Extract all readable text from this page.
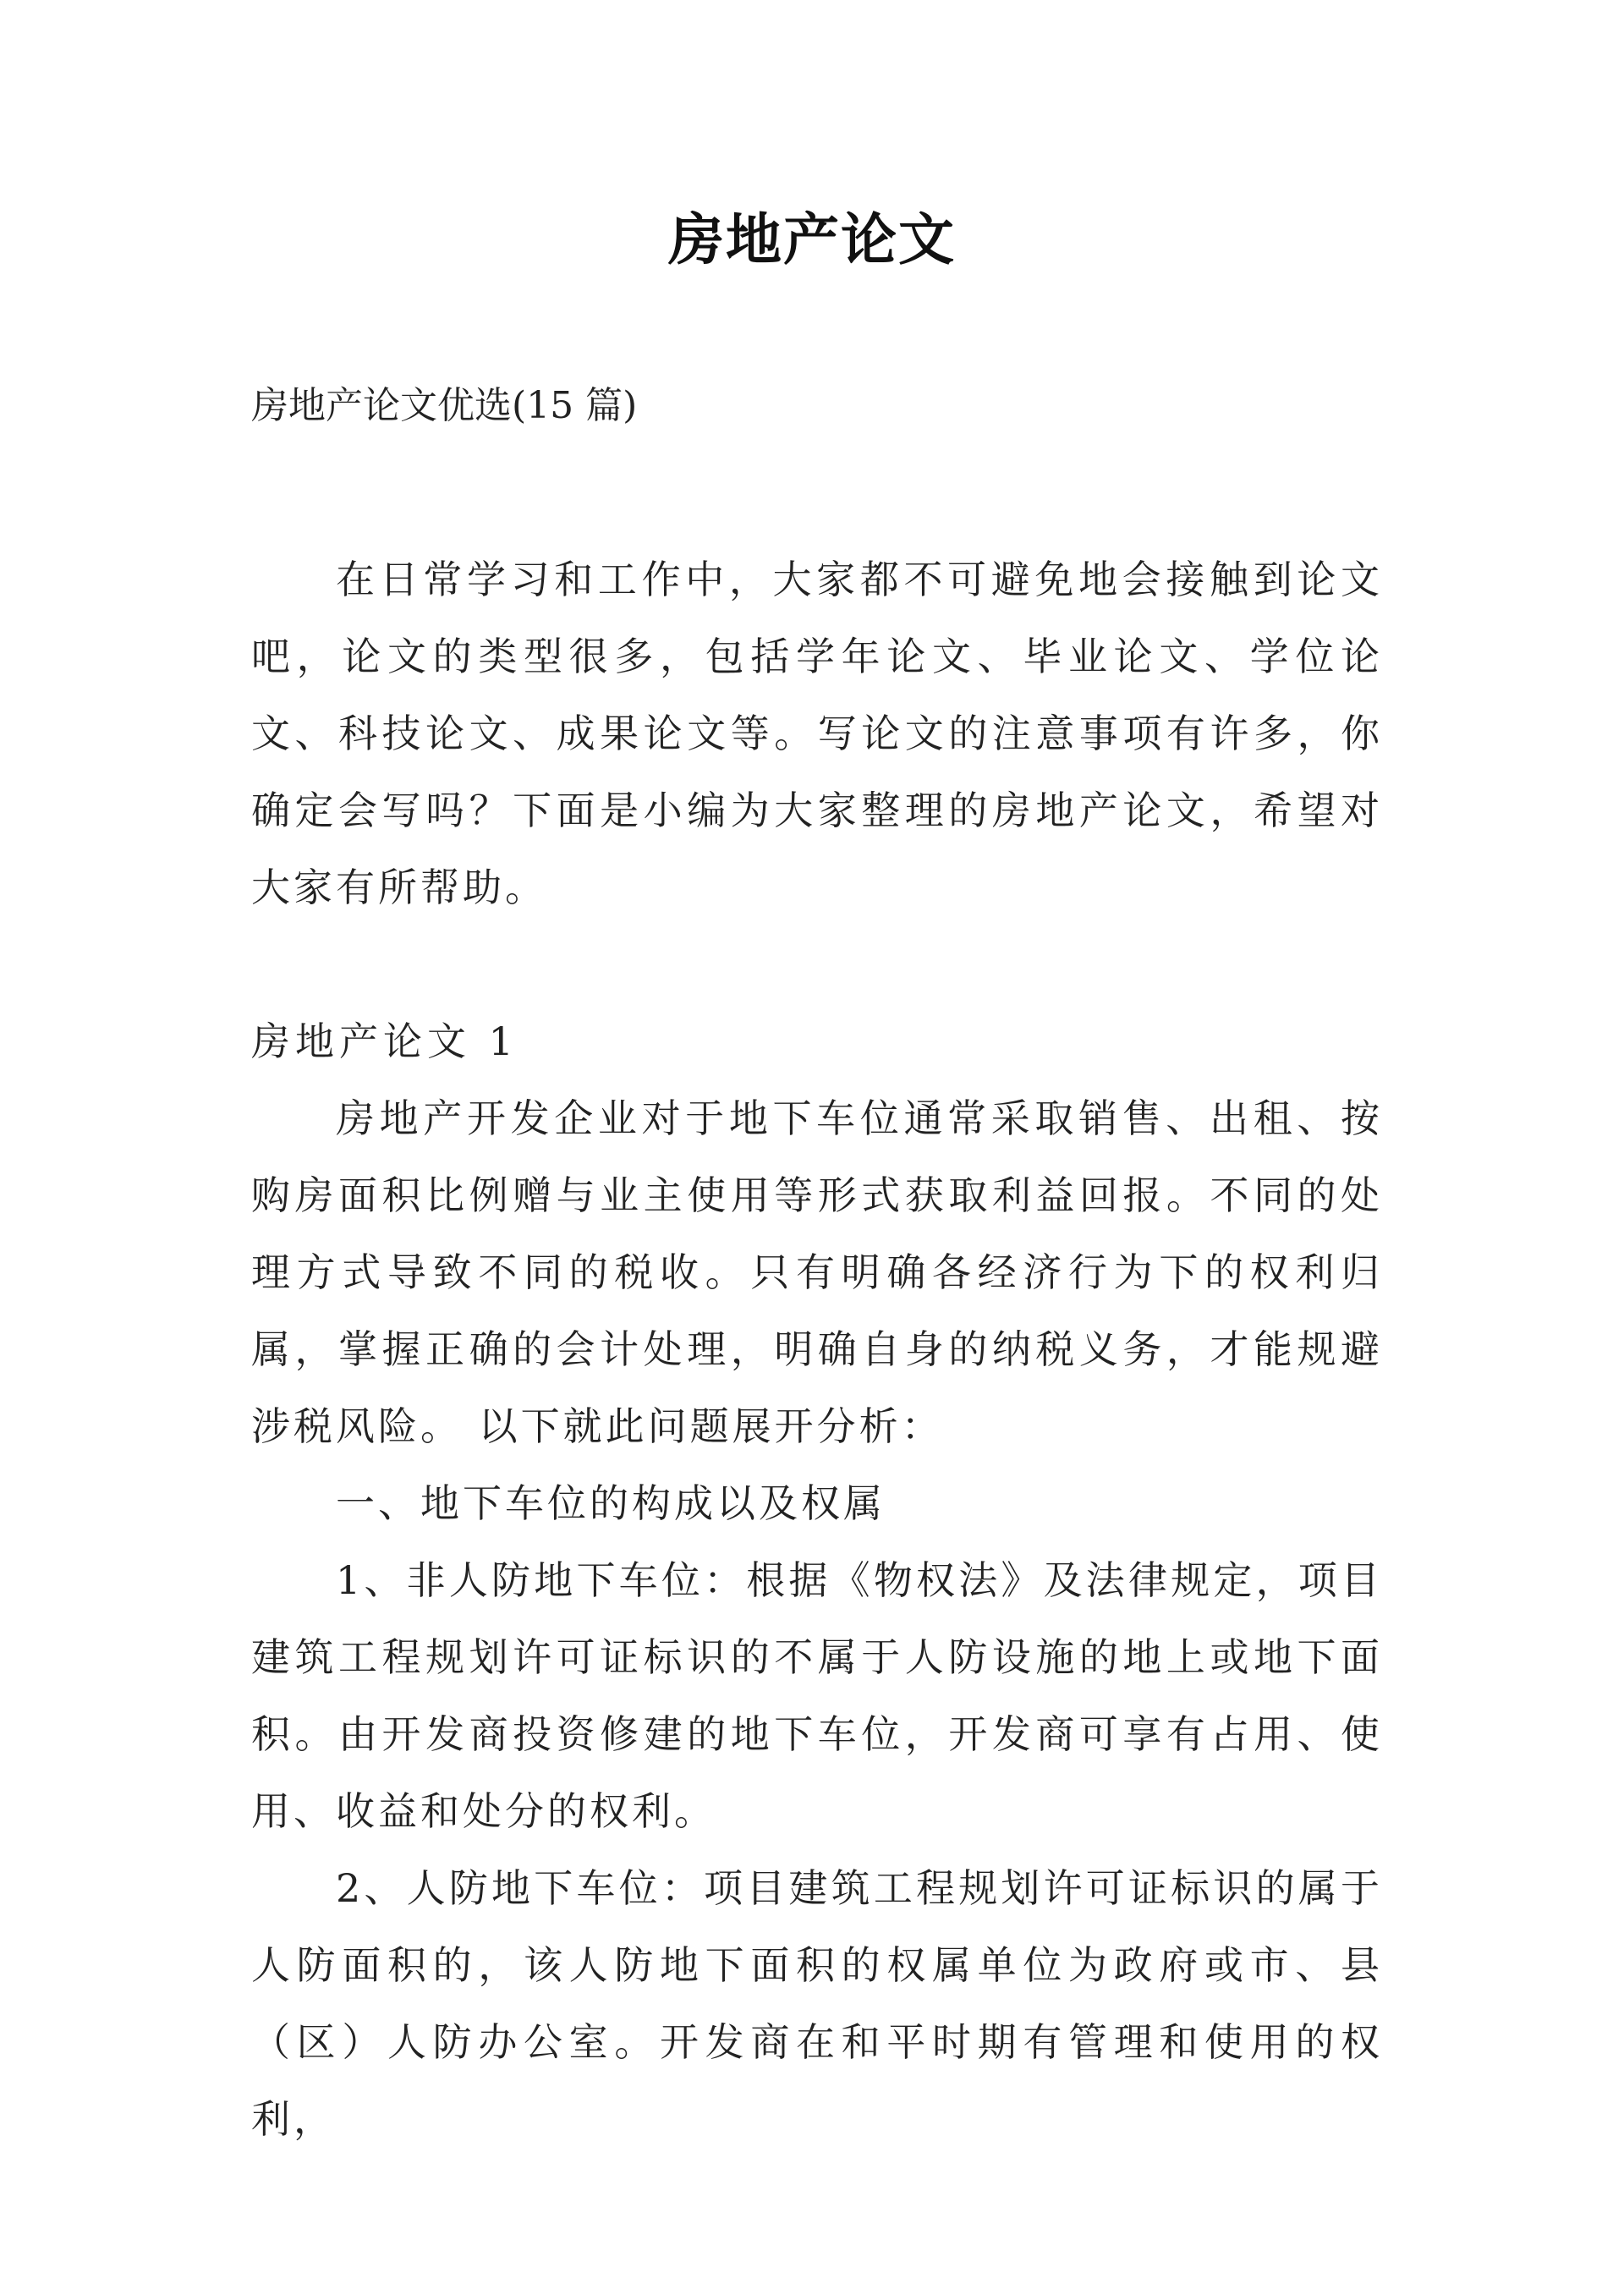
房地产论文
房地产论文优选(15 篇)

在日常学习和工作中，大家都不可避免地会接触到论文吧，论文的类型很多，包括学年论文、毕业论文、学位论文、科技论文、成果论文等。写论文的注意事项有许多，你确定会写吗？下面是小编为大家整理的房地产论文，希望对大家有所帮助。

房地产论文 1

房地产开发企业对于地下车位通常采取销售、出租、按购房面积比例赠与业主使用等形式获取利益回报。不同的处理方式导致不同的税收。只有明确各经济行为下的权利归属，掌握正确的会计处理，明确自身的纳税义务，才能规避涉税风险。 以下就此问题展开分析：

一、地下车位的构成以及权属

1、非人防地下车位：根据《物权法》及法律规定，项目建筑工程规划许可证标识的不属于人防设施的地上或地下面积。由开发商投资修建的地下车位，开发商可享有占用、使用、收益和处分的权利。

2、人防地下车位：项目建筑工程规划许可证标识的属于人防面积的，该人防地下面积的权属单位为政府或市、县（区）人防办公室。开发商在和平时期有管理和使用的权利，
